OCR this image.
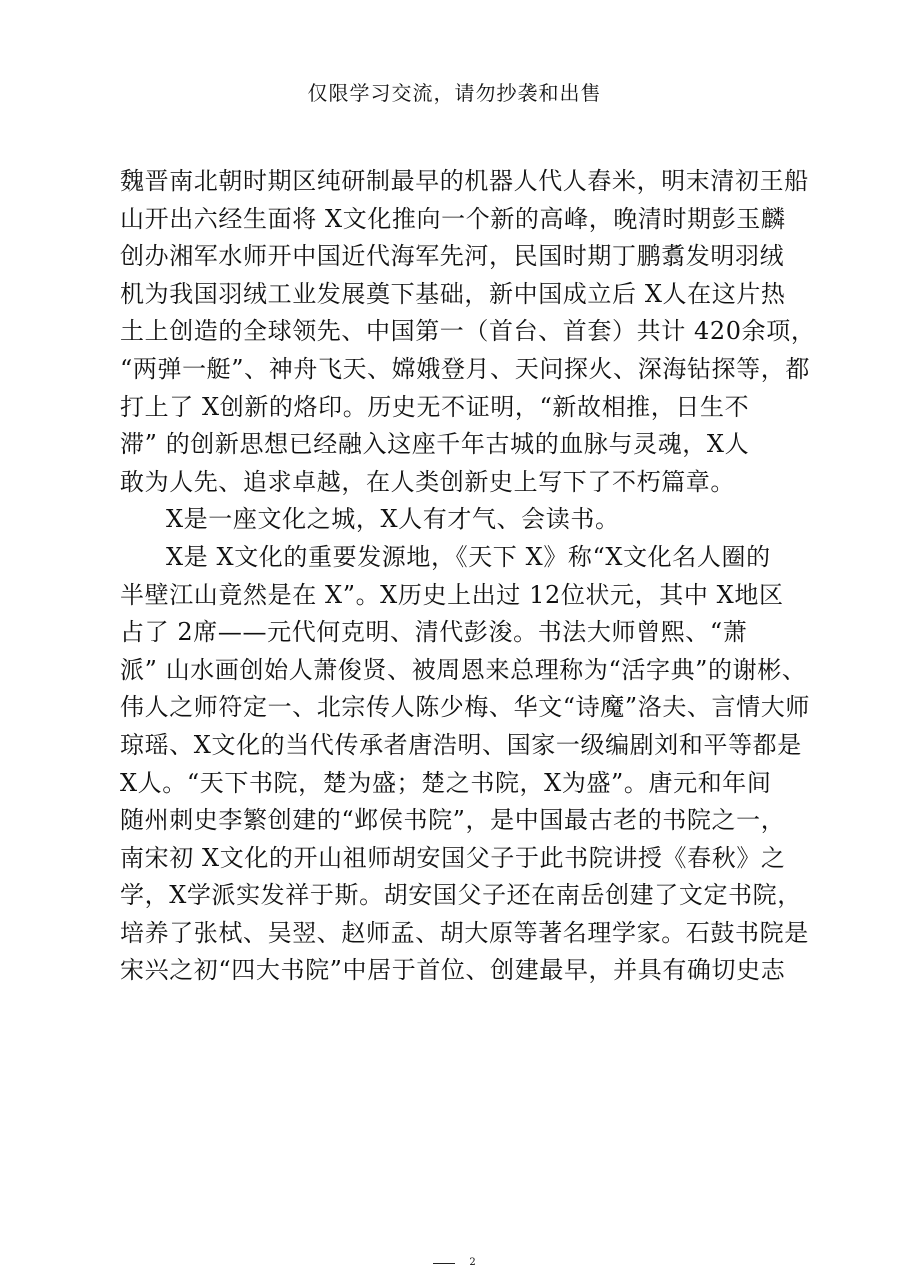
仅限学习交流，请勿抄袭和出售
魏晋南北朝时期区纯研制最早的机器人代人舂米，明末清初王船
山开出六经生面将 X文化推向一个新的高峰，晚清时期彭玉麟
创办湘军水师开中国近代海军先河，民国时期丁鹏翥发明羽绒
机为我国羽绒工业发展奠下基础，新中国成立后 X人在这片热
土上创造的全球领先、中国第一（首台、首套）共计 420余项，
“两弹一艇”、神舟飞天、嫦娥登月、天问探火、深海钻探等，都
打上了 X创新的烙印。历史无不证明，“新故相推，日生不
滞” 的创新思想已经融入这座千年古城的血脉与灵魂，X人
敢为人先、追求卓越，在人类创新史上写下了不朽篇章。
X是一座文化之城，X人有才气、会读书。
X是 X文化的重要发源地，《天下 X》称“X文化名人圈的
半壁江山竟然是在 X”。X历史上出过 12位状元，其中 X地区
占了 2席——元代何克明、清代彭浚。书法大师曾熙、“萧
派” 山水画创始人萧俊贤、被周恩来总理称为“活字典”的谢彬、
伟人之师符定一、北宗传人陈少梅、华文“诗魔”洛夫、言情大师
琼瑶、X文化的当代传承者唐浩明、国家一级编剧刘和平等都是
X人。“天下书院，楚为盛；楚之书院，X为盛”。唐元和年间
随州刺史李繁创建的“邺侯书院”，是中国最古老的书院之一，
南宋初 X文化的开山祖师胡安国父子于此书院讲授《春秋》之
学，X学派实发祥于斯。胡安国父子还在南岳创建了文定书院，
培养了张栻、吴翌、赵师孟、胡大原等著名理学家。石鼓书院是
宋兴之初“四大书院”中居于首位、创建最早，并具有确切史志
$^2$
